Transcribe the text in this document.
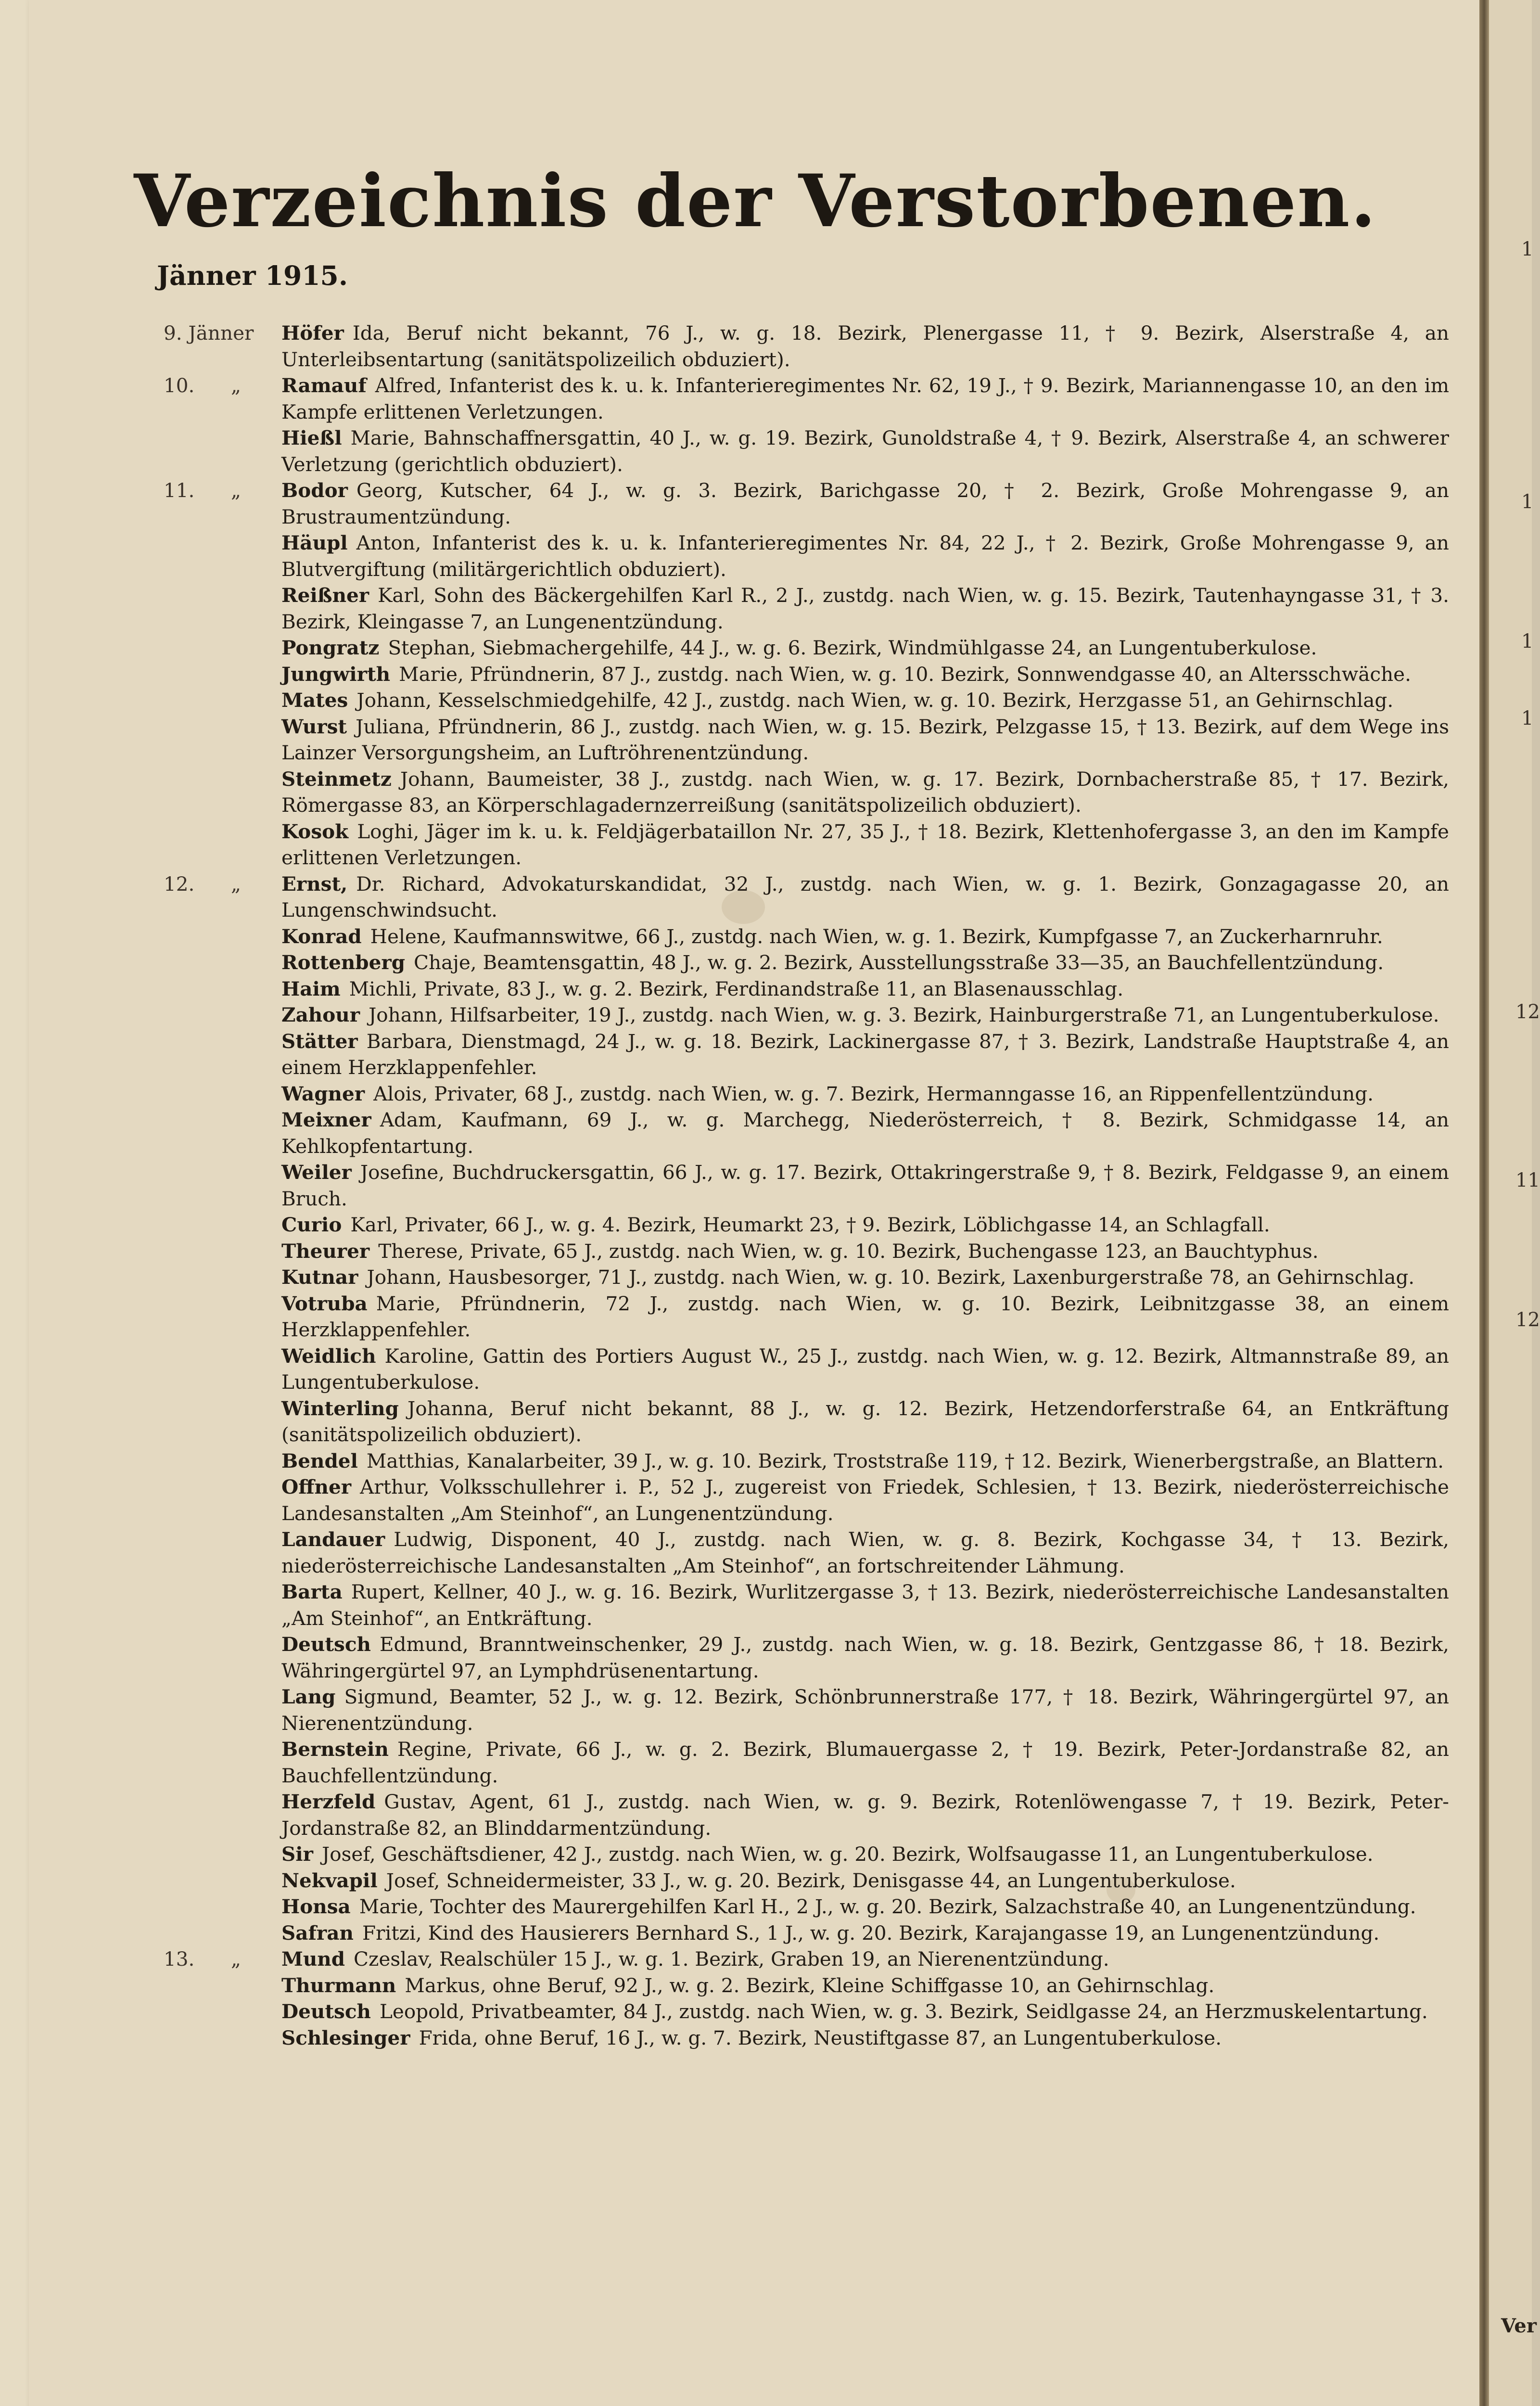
Verzeichnis der Verstorbenen.
Jänner 1915.
9. Jänner Höfer Ida, Beruf nicht bekannt, 76 J., w. g. 18. Bezirk, Plenergasse 11, † 9. Bezirk, Alserstraße 4, an Unterleibsentartung (sanitätspolizeilich obduziert).
10. „ Ramauf Alfred, Infanterist des k. u. k. Infanterieregimentes Nr. 62, 19 J., † 9. Bezirk, Mariannengasse 10, an den im Kampfe erlittenen Verletzungen.
Hießl Marie, Bahnschaffnersgattin, 40 J., w. g. 19. Bezirk, Gunoldstraße 4, † 9. Bezirk, Alserstraße 4, an schwerer Verletzung (gerichtlich obduziert).
11. „ Bodor Georg, Kutscher, 64 J., w. g. 3. Bezirk, Barichgasse 20, † 2. Bezirk, Große Mohrengasse 9, an Brustraumentzündung.
Häupl Anton, Infanterist des k. u. k. Infanterieregimentes Nr. 84, 22 J., † 2. Bezirk, Große Mohrengasse 9, an Blutvergiftung (militärgerichtlich obduziert).
Reißner Karl, Sohn des Bäckergehilfen Karl R., 2 J., zustdg. nach Wien, w. g. 15. Bezirk, Tautenhayngasse 31, † 3. Bezirk, Kleingasse 7, an Lungenentzündung.
Pongratz Stephan, Siebmachergehilfe, 44 J., w. g. 6. Bezirk, Windmühlgasse 24, an Lungentuberkulose.
Jungwirth Marie, Pfründnerin, 87 J., zustdg. nach Wien, w. g. 10. Bezirk, Sonnwendgasse 40, an Altersschwäche.
Mates Johann, Kesselschmiedgehilfe, 42 J., zustdg. nach Wien, w. g. 10. Bezirk, Herzgasse 51, an Gehirnschlag.
Wurst Juliana, Pfründnerin, 86 J., zustdg. nach Wien, w. g. 15. Bezirk, Pelzgasse 15, † 13. Bezirk, auf dem Wege ins Lainzer Versorgungsheim, an Luftröhrenentzündung.
Steinmetz Johann, Baumeister, 38 J., zustdg. nach Wien, w. g. 17. Bezirk, Dornbacherstraße 85, † 17. Bezirk, Römergasse 83, an Körperschlagadernzerreißung (sanitätspolizeilich obduziert).
Kosok Loghi, Jäger im k. u. k. Feldjägerbataillon Nr. 27, 35 J., † 18. Bezirk, Klettenhofergasse 3, an den im Kampfe erlittenen Verletzungen.
12. „ Ernst, Dr. Richard, Advokaturskandidat, 32 J., zustdg. nach Wien, w. g. 1. Bezirk, Gonzagagasse 20, an Lungenschwindsucht.
Konrad Helene, Kaufmannswitwe, 66 J., zustdg. nach Wien, w. g. 1. Bezirk, Kumpfgasse 7, an Zuckerharnruhr.
Rottenberg Chaje, Beamtensgattin, 48 J., w. g. 2. Bezirk, Ausstellungsstraße 33—35, an Bauchfellentzündung.
Haim Michli, Private, 83 J., w. g. 2. Bezirk, Ferdinandstraße 11, an Blasenausschlag.
Zahour Johann, Hilfsarbeiter, 19 J., zustdg. nach Wien, w. g. 3. Bezirk, Hainburgerstraße 71, an Lungentuberkulose.
Stätter Barbara, Dienstmagd, 24 J., w. g. 18. Bezirk, Lackinergasse 87, † 3. Bezirk, Landstraße Hauptstraße 4, an einem Herzklappenfehler.
Wagner Alois, Privater, 68 J., zustdg. nach Wien, w. g. 7. Bezirk, Hermanngasse 16, an Rippenfellentzündung.
Meixner Adam, Kaufmann, 69 J., w. g. Marchegg, Niederösterreich, † 8. Bezirk, Schmidgasse 14, an Kehlkopfentartung.
Weiler Josefine, Buchdruckersgattin, 66 J., w. g. 17. Bezirk, Ottakringerstraße 9, † 8. Bezirk, Feldgasse 9, an einem Bruch.
Curio Karl, Privater, 66 J., w. g. 4. Bezirk, Heumarkt 23, † 9. Bezirk, Löblichgasse 14, an Schlagfall.
Theurer Therese, Private, 65 J., zustdg. nach Wien, w. g. 10. Bezirk, Buchengasse 123, an Bauchtyphus.
Kutnar Johann, Hausbesorger, 71 J., zustdg. nach Wien, w. g. 10. Bezirk, Laxenburgerstraße 78, an Gehirnschlag.
Votruba Marie, Pfründnerin, 72 J., zustdg. nach Wien, w. g. 10. Bezirk, Leibnitzgasse 38, an einem Herzklappenfehler.
Weidlich Karoline, Gattin des Portiers August W., 25 J., zustdg. nach Wien, w. g. 12. Bezirk, Altmannstraße 89, an Lungentuberkulose.
Winterling Johanna, Beruf nicht bekannt, 88 J., w. g. 12. Bezirk, Hetzendorferstraße 64, an Entkräftung (sanitätspolizeilich obduziert).
Bendel Matthias, Kanalarbeiter, 39 J., w. g. 10. Bezirk, Troststraße 119, † 12. Bezirk, Wienerbergstraße, an Blattern.
Offner Arthur, Volksschullehrer i. P., 52 J., zugereist von Friedek, Schlesien, † 13. Bezirk, niederösterreichische Landesanstalten „Am Steinhof“, an Lungenentzündung.
Landauer Ludwig, Disponent, 40 J., zustdg. nach Wien, w. g. 8. Bezirk, Kochgasse 34, † 13. Bezirk, niederösterreichische Landesanstalten „Am Steinhof“, an fortschreitender Lähmung.
Barta Rupert, Kellner, 40 J., w. g. 16. Bezirk, Wurlitzergasse 3, † 13. Bezirk, niederösterreichische Landesanstalten „Am Steinhof“, an Entkräftung.
Deutsch Edmund, Branntweinschenker, 29 J., zustdg. nach Wien, w. g. 18. Bezirk, Gentzgasse 86, † 18. Bezirk, Währingergürtel 97, an Lymphdrüsenentartung.
Lang Sigmund, Beamter, 52 J., w. g. 12. Bezirk, Schönbrunnerstraße 177, † 18. Bezirk, Währingergürtel 97, an Nierenentzündung.
Bernstein Regine, Private, 66 J., w. g. 2. Bezirk, Blumauergasse 2, † 19. Bezirk, Peter-Jordanstraße 82, an Bauchfellentzündung.
Herzfeld Gustav, Agent, 61 J., zustdg. nach Wien, w. g. 9. Bezirk, Rotenlöwengasse 7, † 19. Bezirk, Peter-Jordanstraße 82, an Blinddarmentzündung.
Sir Josef, Geschäftsdiener, 42 J., zustdg. nach Wien, w. g. 20. Bezirk, Wolfsaugasse 11, an Lungentuberkulose.
Nekvapil Josef, Schneidermeister, 33 J., w. g. 20. Bezirk, Denisgasse 44, an Lungentuberkulose.
Honsa Marie, Tochter des Maurergehilfen Karl H., 2 J., w. g. 20. Bezirk, Salzachstraße 40, an Lungenentzündung.
Safran Fritzi, Kind des Hausierers Bernhard S., 1 J., w. g. 20. Bezirk, Karajangasse 19, an Lungenentzündung.
13. „ Mund Czeslav, Realschüler 15 J., w. g. 1. Bezirk, Graben 19, an Nierenentzündung.
Thurmann Markus, ohne Beruf, 92 J., w. g. 2. Bezirk, Kleine Schiffgasse 10, an Gehirnschlag.
Deutsch Leopold, Privatbeamter, 84 J., zustdg. nach Wien, w. g. 3. Bezirk, Seidlgasse 24, an Herzmuskelentartung.
Schlesinger Frida, ohne Beruf, 16 J., w. g. 7. Bezirk, Neustiftgasse 87, an Lungentuberkulose.
1
1
1
1
12
11
12
Ver
